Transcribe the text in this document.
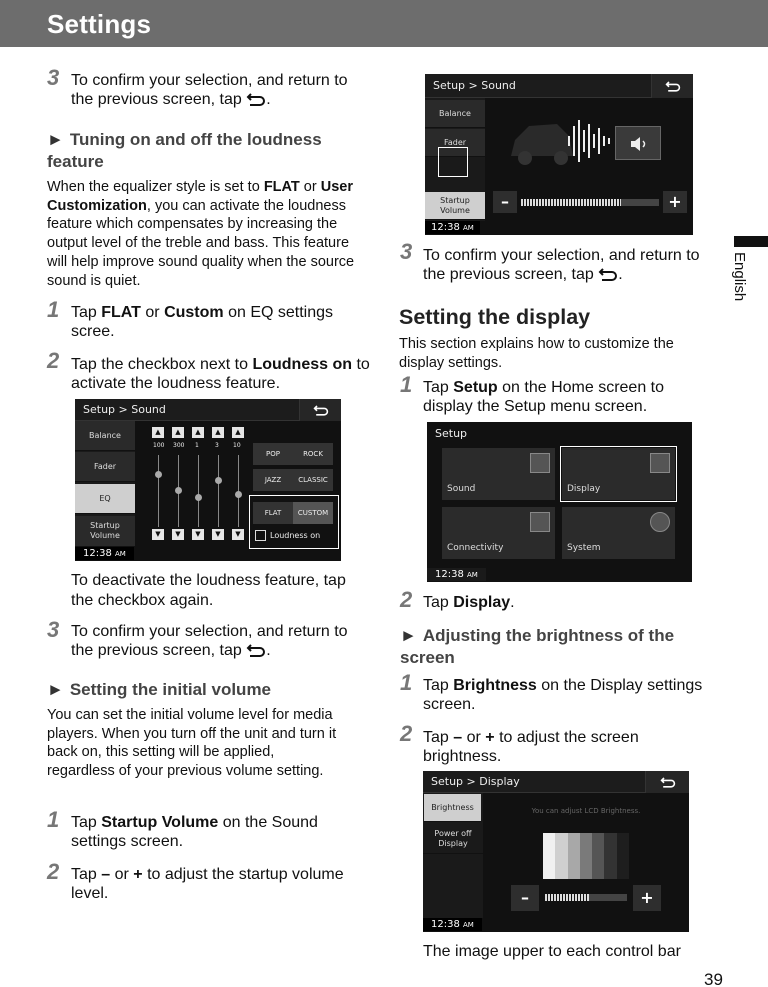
Settings
English
39
3 To confirm your selection, and return to the previous screen, tap .
► Tuning on and off the loudness feature
When the equalizer style is set to FLAT or User Customization, you can activate the loudness feature which compensates by increasing the output level of the treble and bass. This feature will help improve sound quality when the source sound is quiet.
1 Tap FLAT or Custom on EQ settings scree.
2 Tap the checkbox next to Loudness on to activate the loudness feature.
Setup > Sound
Balance
Fader
EQ
Startup Volume
12:38 AM
▲	▲	▲	▲	▲
100 300 1	3 10
▼	▼	▼	▼	▼
POP	ROCK
JAZZ	CLASSIC
FLAT	CUSTOM
Loudness on
To deactivate the loudness feature, tap the checkbox again.
3 To confirm your selection, and return to the previous screen, tap .
► Setting the initial volume
You can set the initial volume level for media players. When you turn off the unit and turn it back on, this setting will be applied, regardless of your previous volume setting.
1 Tap Startup Volume on the Sound settings screen.
2 Tap – or + to adjust the startup volume level.
Setup > Sound
Balance
Fader
Startup Volume
12:38 AM
–	+
3 To confirm your selection, and return to the previous screen, tap .
Setting the display
This section explains how to customize the display settings.
1 Tap Setup on the Home screen to display the Setup menu screen.
Setup
Sound	Display
Connectivity	System
12:38 AM
2 Tap Display.
► Adjusting the brightness of the screen
1 Tap Brightness on the Display settings screen.
2 Tap – or + to adjust the screen brightness.
Setup > Display
Brightness
Power off Display
You can adjust LCD Brightness.
–	+
12:38 AM
The image upper to each control bar
